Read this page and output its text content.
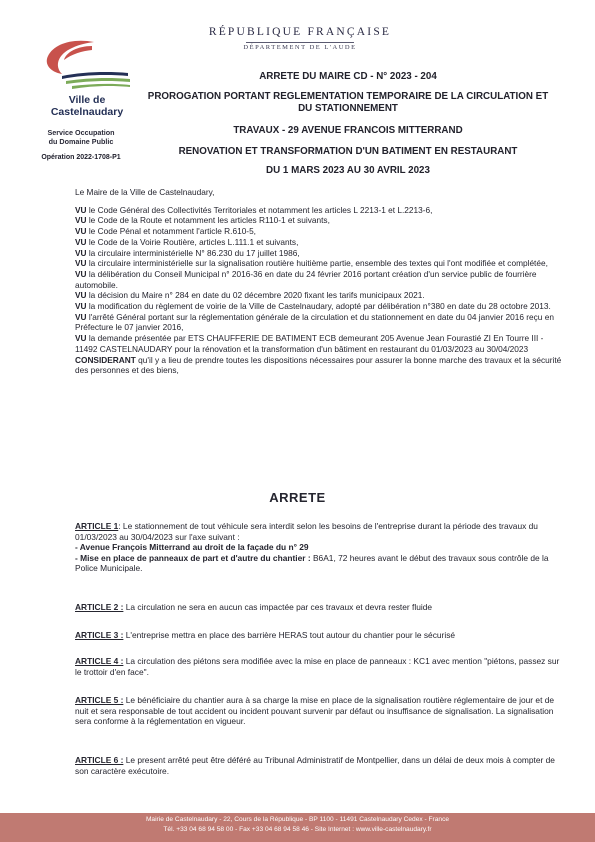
Ville de Castelnaudary
Service Occupation
du Domaine Public
Opération 2022-1708-P1
RÉPUBLIQUE FRANÇAISE
DÉPARTEMENT DE L'AUDE
ARRETE DU MAIRE CD - N° 2023 - 204
PROROGATION PORTANT REGLEMENTATION TEMPORAIRE DE LA CIRCULATION ET
DU STATIONNEMENT
TRAVAUX - 29 AVENUE FRANCOIS MITTERRAND
RENOVATION ET TRANSFORMATION D'UN BATIMENT EN RESTAURANT
DU 1 MARS 2023 AU 30 AVRIL 2023

Le Maire de la Ville de Castelnaudary,

VU le Code Général des Collectivités Territoriales et notamment les articles L 2213-1 et L.2213-6,

VU le Code de la Route et notamment les articles R110-1 et suivants,

VU le Code Pénal et notamment l'article R.610-5,

VU le Code de la Voirie Routière, articles L.111.1 et suivants,

VU la circulaire interministérielle N° 86.230 du 17 juillet 1986,

VU la circulaire interministérielle sur la signalisation routière huitième partie, ensemble des textes qui l'ont modifiée et complétée,

VU la délibération du Conseil Municipal n° 2016-36 en date du 24 février 2016 portant création d'un service public de fourrière automobile.

VU la décision du Maire n° 284 en date du 02 décembre 2020 fixant les tarifs municipaux 2021.

VU la modification du règlement de voirie de la Ville de Castelnaudary, adopté par délibération n°380 en date du 28 octobre 2013.

VU l'arrêté Général portant sur la réglementation générale de la circulation et du stationnement en date du 04 janvier 2016 reçu en Préfecture le 07 janvier 2016,

VU la demande présentée par ETS CHAUFFERIE DE BATIMENT ECB demeurant 205 Avenue Jean Fourastié ZI En Tourre III - 11492 CASTELNAUDARY pour la rénovation et la transformation d'un bâtiment en restaurant du 01/03/2023 au 30/04/2023

CONSIDERANT qu'il y a lieu de prendre toutes les dispositions nécessaires pour assurer la bonne marche des travaux et la sécurité des personnes et des biens,

ARRETE
ARTICLE 1: Le stationnement de tout véhicule sera interdit selon les besoins de l'entreprise durant la période des travaux du 01/03/2023 au 30/04/2023 sur l'axe suivant :
- Avenue François Mitterrand au droit de la façade du n° 29
- Mise en place de panneaux de part et d'autre du chantier : B6A1, 72 heures avant le début des travaux sous contrôle de la Police Municipale.
ARTICLE 2 : La circulation ne sera en aucun cas impactée par ces travaux et devra rester fluide
ARTICLE 3 : L'entreprise mettra en place des barrière HERAS tout autour du chantier pour le sécurisé
ARTICLE 4 : La circulation des piétons sera modifiée avec la mise en place de panneaux : KC1 avec mention "piétons, passez sur le trottoir d'en face".
ARTICLE 5 : Le bénéficiaire du chantier aura à sa charge la mise en place de la signalisation routière réglementaire de jour et de nuit et sera responsable de tout accident ou incident pouvant survenir par défaut ou insuffisance de signalisation. La signalisation sera conforme à la réglementation en vigueur.
ARTICLE 6 : Le present arrêté peut être déféré au Tribunal Administratif de Montpellier, dans un délai de deux mois à compter de son caractère exécutoire.
Mairie de Castelnaudary - 22, Cours de la République - BP 1100 - 11491 Castelnaudary Cedex - France
Tél. +33 04 68 94 58 00 - Fax +33 04 68 94 58 46 - Site Internet : www.ville-castelnaudary.fr
